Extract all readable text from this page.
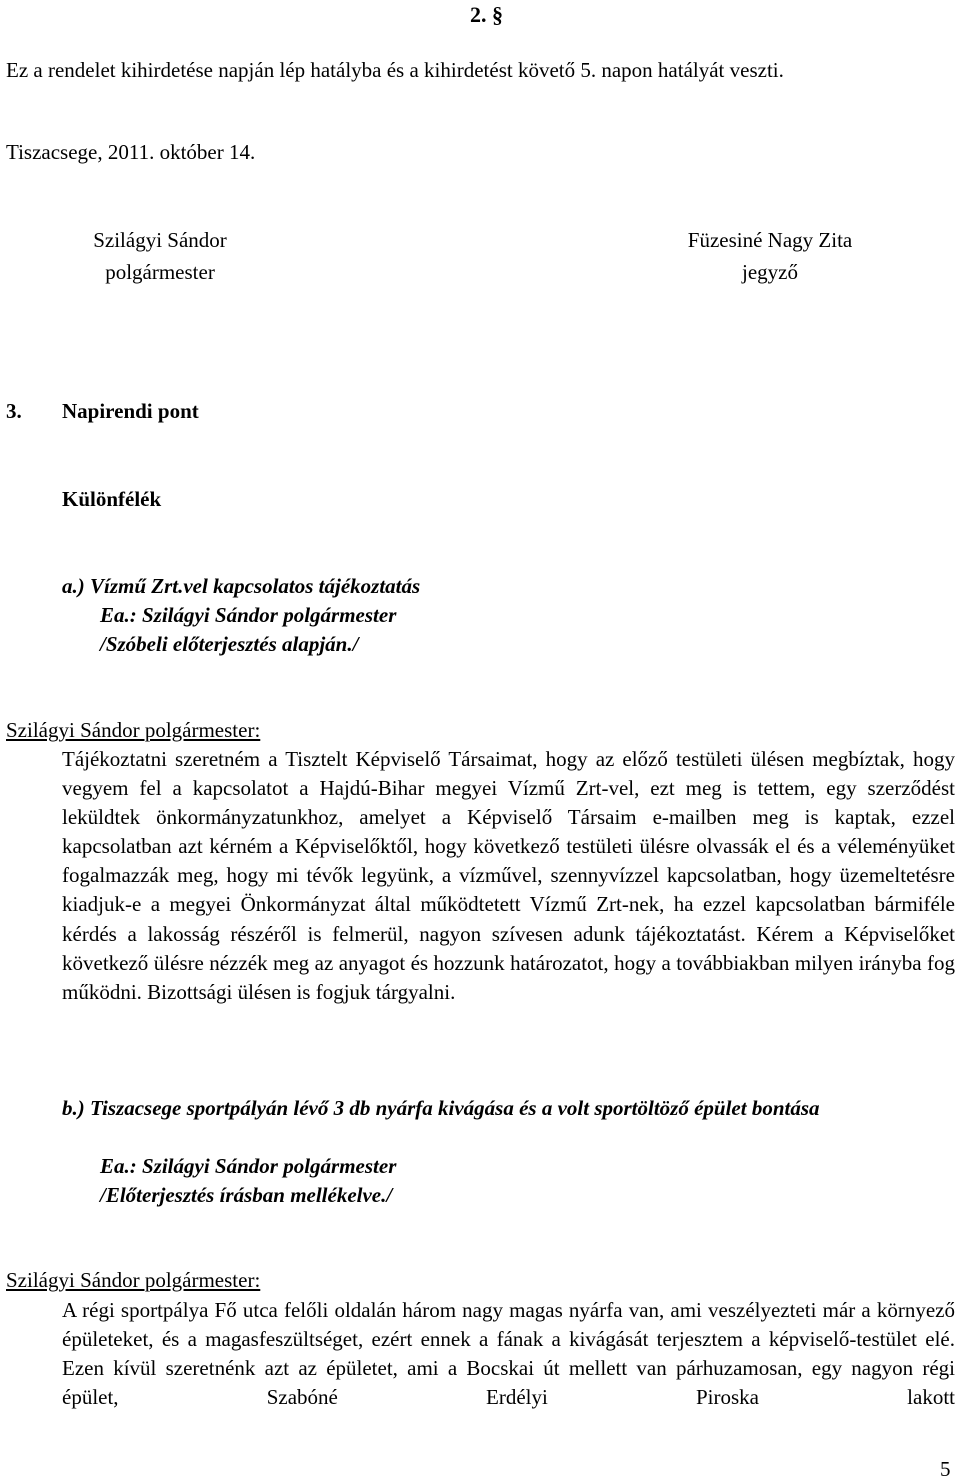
2. §
Ez a rendelet kihirdetése napján lép hatályba és a kihirdetést követő 5. napon hatályát veszti.
Tiszacsege, 2011. október 14.
Szilágyi Sándor
polgármester
Füzesiné Nagy Zita
jegyző
3. Napirendi pont
Különfélék
a.) Vízmű Zrt.vel kapcsolatos tájékoztatás
Ea.: Szilágyi Sándor polgármester
/Szóbeli előterjesztés alapján./
Szilágyi Sándor polgármester:
Tájékoztatni szeretném a Tisztelt Képviselő Társaimat, hogy az előző testületi ülésen megbíztak, hogy vegyem fel a kapcsolatot a Hajdú-Bihar megyei Vízmű Zrt-vel, ezt meg is tettem, egy szerződést leküldtek önkormányzatunkhoz, amelyet a Képviselő Társaim e-mailben meg is kaptak, ezzel kapcsolatban azt kérném a Képviselőktől, hogy következő testületi ülésre olvassák el és a véleményüket fogalmazzák meg, hogy mi tévők legyünk, a vízművel, szennyvízzel kapcsolatban, hogy üzemeltetésre kiadjuk-e a megyei Önkormányzat által működtetett Vízmű Zrt-nek, ha ezzel kapcsolatban bármiféle kérdés a lakosság részéről is felmerül, nagyon szívesen adunk tájékoztatást. Kérem a Képviselőket következő ülésre nézzék meg az anyagot és hozzunk határozatot, hogy a továbbiakban milyen irányba fog működni. Bizottsági ülésen is fogjuk tárgyalni.
b.) Tiszacsege sportpályán lévő 3 db nyárfa kivágása és a volt sportöltöző épület bontása
Ea.: Szilágyi Sándor polgármester
/Előterjesztés írásban mellékelve./
Szilágyi Sándor polgármester:
A régi sportpálya Fő utca felőli oldalán három nagy magas nyárfa van, ami veszélyezteti már a környező épületeket, és a magasfeszültséget, ezért ennek a fának a kivágását terjesztem a képviselő-testület elé. Ezen kívül szeretnénk azt az épületet, ami a Bocskai út mellett van párhuzamosan, egy nagyon régi épület, Szabóné Erdélyi Piroska lakott
5
